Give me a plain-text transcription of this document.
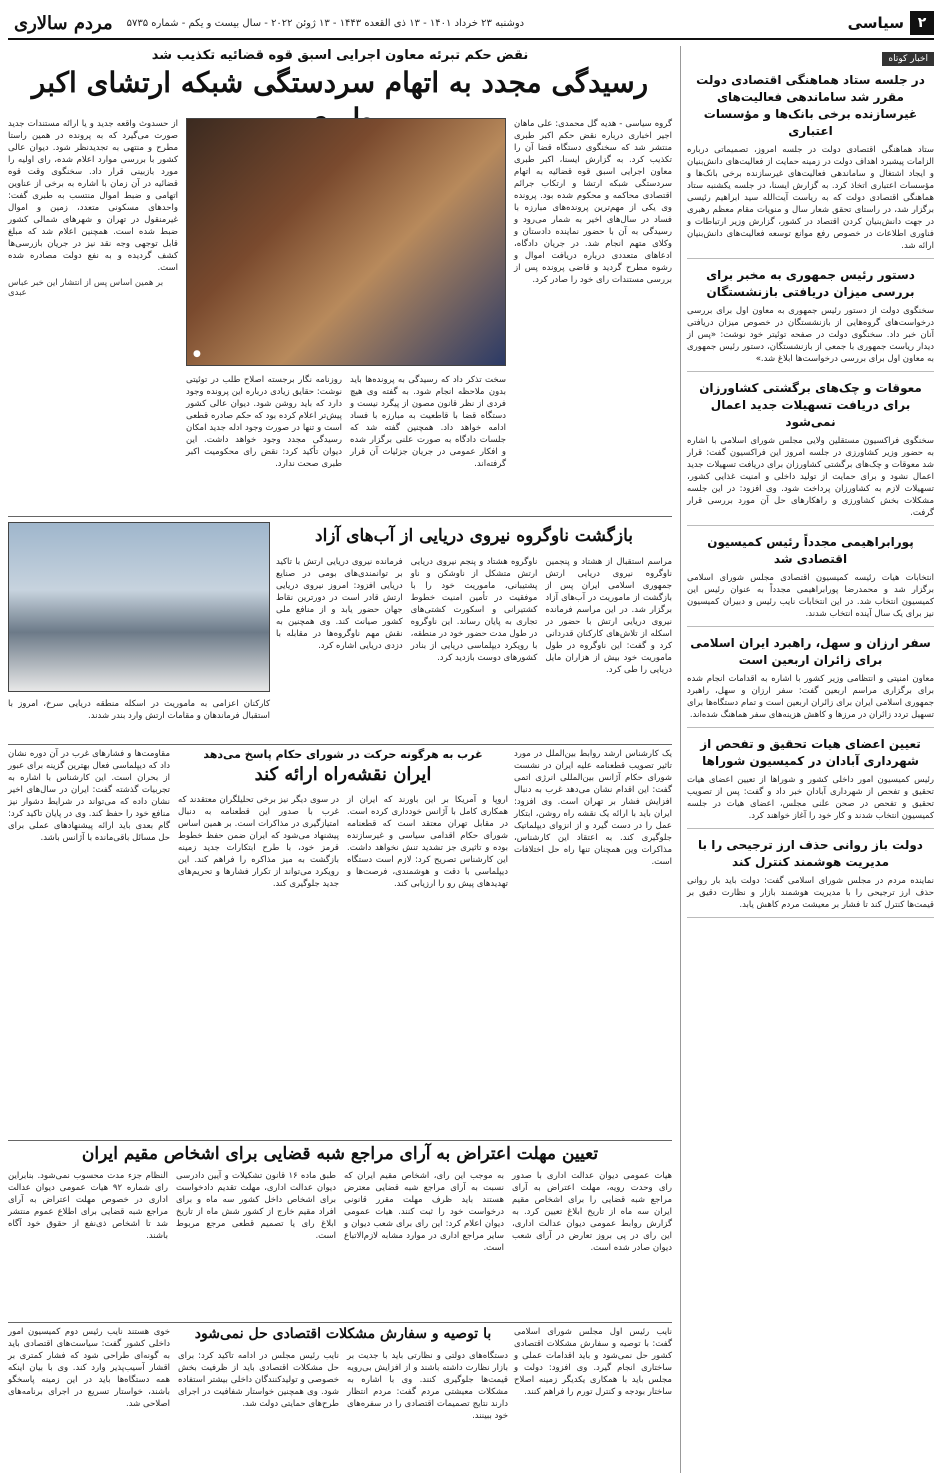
۲
سیاسی
دوشنبه ۲۳ خرداد ۱۴۰۱ - ۱۳ ذی القعده ۱۴۴۳ - ۱۳ ژوئن ۲۰۲۲ - سال بیست و یکم - شماره ۵۷۳۵
مردم سالاری
اخبار کوتاه
در جلسه ستاد هماهنگی اقتصادی دولت مقرر شد ساماندهی فعالیت‌های غیرسازنده برخی بانک‌ها و مؤسسات اعتباری
ستاد هماهنگی اقتصادی دولت در جلسه امروز، تصمیماتی درباره الزامات پیشبرد اهداف دولت در زمینه حمایت از فعالیت‌های دانش‌بنیان و ایجاد اشتغال و ساماندهی فعالیت‌های غیرسازنده برخی بانک‌ها و مؤسسات اعتباری اتخاذ کرد. به گزارش ایسنا، در جلسه یکشنبه ستاد هماهنگی اقتصادی دولت که به ریاست آیت‌الله سید ابراهیم رئیسی برگزار شد، در راستای تحقق شعار سال و منویات مقام معظم رهبری در جهت دانش‌بنیان کردن اقتصاد در کشور، گزارش وزیر ارتباطات و فناوری اطلاعات در خصوص رفع موانع توسعه فعالیت‌های دانش‌بنیان ارائه شد.
دستور رئیس جمهوری به مخبر برای بررسی میزان دریافتی بازنشستگان
سخنگوی دولت از دستور رئیس جمهوری به معاون اول برای بررسی درخواست‌های گروه‌هایی از بازنشستگان در خصوص میزان دریافتی آنان خبر داد. سخنگوی دولت در صفحه توئیتر خود نوشت: «پس از دیدار ریاست جمهوری با جمعی از بازنشستگان، دستور رئیس جمهوری به معاون اول برای بررسی درخواست‌ها ابلاغ شد.»
معوقات و چک‌های برگشتی کشاورزان برای دریافت تسهیلات جدید اعمال نمی‌شود
سخنگوی فراکسیون مستقلین ولایی مجلس شورای اسلامی با اشاره به حضور وزیر کشاورزی در جلسه امروز این فراکسیون گفت: قرار شد معوقات و چک‌های برگشتی کشاورزان برای دریافت تسهیلات جدید اعمال نشود و برای حمایت از تولید داخلی و امنیت غذایی کشور، تسهیلات لازم به کشاورزان پرداخت شود. وی افزود: در این جلسه مشکلات بخش کشاورزی و راهکارهای حل آن مورد بررسی قرار گرفت.
پورابراهیمی مجدداً رئیس کمیسیون اقتصادی شد
انتخابات هیات رئیسه کمیسیون اقتصادی مجلس شورای اسلامی برگزار شد و محمدرضا پورابراهیمی مجدداً به عنوان رئیس این کمیسیون انتخاب شد. در این انتخابات نایب رئیس و دبیران کمیسیون نیز برای یک سال آینده انتخاب شدند.
سفر ارزان و سهل، راهبرد ایران اسلامی برای زائران اربعین است
معاون امنیتی و انتظامی وزیر کشور با اشاره به اقدامات انجام شده برای برگزاری مراسم اربعین گفت: سفر ارزان و سهل، راهبرد جمهوری اسلامی ایران برای زائران اربعین است و تمام دستگاه‌ها برای تسهیل تردد زائران در مرزها و کاهش هزینه‌های سفر هماهنگ شده‌اند.
تعیین اعضای هیات تحقیق و تفحص از شهرداری آبادان در کمیسیون شوراها
رئیس کمیسیون امور داخلی کشور و شوراها از تعیین اعضای هیات تحقیق و تفحص از شهرداری آبادان خبر داد و گفت: پس از تصویب تحقیق و تفحص در صحن علنی مجلس، اعضای هیات در جلسه کمیسیون انتخاب شدند و کار خود را آغاز خواهند کرد.
دولت باز روانی حذف ارز ترجیحی را با مدیریت هوشمند کنترل کند
نماینده مردم در مجلس شورای اسلامی گفت: دولت باید بار روانی حذف ارز ترجیحی را با مدیریت هوشمند بازار و نظارت دقیق بر قیمت‌ها کنترل کند تا فشار بر معیشت مردم کاهش یابد.
نقض حکم تبرئه معاون اجرایی اسبق قوه قضائیه تکذیب شد
رسیدگی مجدد به اتهام سردستگی شبکه ارتشای اکبر
گروه سیاسی - هدیه گل محمدی: علی ماهان اجیر اخباری درباره نقض حکم اکبر طبری منتشر شد که سخنگوی دستگاه قضا آن را تکذیب کرد. به گزارش ایسنا، اکبر طبری معاون اجرایی اسبق قوه قضائیه به اتهام سردستگی شبکه ارتشا و ارتکاب جرائم اقتصادی محاکمه و محکوم شده بود. پرونده وی یکی از مهم‌ترین پرونده‌های مبارزه با فساد در سال‌های اخیر به شمار می‌رود و رسیدگی به آن با حضور نماینده دادستان و وکلای متهم انجام شد. در جریان دادگاه، ادعاهای متعددی درباره دریافت اموال و رشوه مطرح گردید و قاضی پرونده پس از بررسی مستندات رای خود را صادر کرد.
●
سخت تذکر داد که رسیدگی به پرونده‌ها باید بدون ملاحظه انجام شود. به گفته وی هیچ فردی از نظر قانون مصون از پیگرد نیست و دستگاه قضا با قاطعیت به مبارزه با فساد ادامه خواهد داد. همچنین گفته شد که جلسات دادگاه به صورت علنی برگزار شده و افکار عمومی در جریان جزئیات آن قرار گرفته‌اند.
روزنامه نگار برجسته اصلاح طلب در توئیتی نوشت: حقایق زیادی درباره این پرونده وجود دارد که باید روشن شود. دیوان عالی کشور پیش‌تر اعلام کرده بود که حکم صادره قطعی است و تنها در صورت وجود ادله جدید امکان رسیدگی مجدد وجود خواهد داشت. این دیوان تأکید کرد: نقض رای محکومیت اکبر طبری صحت ندارد.
از حسدوث واقعه جدید و یا ارائه مستندات جدید صورت می‌گیرد که به پرونده در همین راستا مطرح و منتهی به تجدیدنظر شود. دیوان عالی کشور با بررسی موارد اعلام شده، رای اولیه را مورد بازبینی قرار داد. سخنگوی وقت قوه قضائیه در آن زمان با اشاره به برخی از عناوین اتهامی و ضبط اموال منتسب به طبری گفت: واحدهای مسکونی متعدد، زمین و اموال غیرمنقول در تهران و شهرهای شمالی کشور ضبط شده است. همچنین اعلام شد که مبلغ قابل توجهی وجه نقد نیز در جریان بازرسی‌ها کشف گردیده و به نفع دولت مصادره شده است.
بر همین اساس پس از انتشار این خبر عباس عبدی
کارکنان اعزامی به ماموریت در اسکله منطقه دریایی سرخ، امروز با استقبال فرماندهان و مقامات ارتش وارد بندر شدند.
بازگشت ناوگروه نیروی دریایی از آب‌های آزاد
مراسم استقبال از هشتاد و پنجمین ناوگروه نیروی دریایی ارتش جمهوری اسلامی ایران پس از بازگشت از ماموریت در آب‌های آزاد برگزار شد. در این مراسم فرمانده نیروی دریایی ارتش با حضور در اسکله از تلاش‌های کارکنان قدردانی کرد و گفت: این ناوگروه در طول ماموریت خود بیش از هزاران مایل دریایی را طی کرد.
ناوگروه هشتاد و پنجم نیروی دریایی ارتش متشکل از ناوشکن و ناو پشتیبانی، ماموریت خود را با موفقیت در تأمین امنیت خطوط کشتیرانی و اسکورت کشتی‌های تجاری به پایان رساند. این ناوگروه در طول مدت حضور خود در منطقه، با رویکرد دیپلماسی دریایی از بنادر کشورهای دوست بازدید کرد.
فرمانده نیروی دریایی ارتش با تاکید بر توانمندی‌های بومی در صنایع دریایی افزود: امروز نیروی دریایی ارتش قادر است در دورترین نقاط جهان حضور یابد و از منافع ملی کشور صیانت کند. وی همچنین به نقش مهم ناوگروه‌ها در مقابله با دزدی دریایی اشاره کرد.
یک کارشناس ارشد روابط بین‌الملل در مورد تاثیر تصویب قطعنامه علیه ایران در نشست شورای حکام آژانس بین‌المللی انرژی اتمی گفت: این اقدام نشان می‌دهد غرب به دنبال افزایش فشار بر تهران است. وی افزود: ایران باید با ارائه یک نقشه راه روشن، ابتکار عمل را در دست گیرد و از انزوای دیپلماتیک جلوگیری کند. به اعتقاد این کارشناس، مذاکرات وین همچنان تنها راه حل اختلافات است.
غرب به هرگونه حرکت در شورای حکام پاسخ می‌دهد
ایران نقشه‌راه ارائه کند
اروپا و آمریکا بر این باورند که ایران از همکاری کامل با آژانس خودداری کرده است. در مقابل تهران معتقد است که قطعنامه شورای حکام اقدامی سیاسی و غیرسازنده بوده و تاثیری جز تشدید تنش نخواهد داشت. این کارشناس تصریح کرد: لازم است دستگاه دیپلماسی با دقت و هوشمندی، فرصت‌ها و تهدیدهای پیش رو را ارزیابی کند.
در سوی دیگر نیز برخی تحلیلگران معتقدند که غرب با صدور این قطعنامه به دنبال امتیازگیری در مذاکرات است. بر همین اساس پیشنهاد می‌شود که ایران ضمن حفظ خطوط قرمز خود، با طرح ابتکارات جدید زمینه بازگشت به میز مذاکره را فراهم کند. این رویکرد می‌تواند از تکرار فشارها و تحریم‌های جدید جلوگیری کند.
مقاومت‌ها و فشارهای غرب در آن دوره نشان داد که دیپلماسی فعال بهترین گزینه برای عبور از بحران است. این کارشناس با اشاره به تجربیات گذشته گفت: ایران در سال‌های اخیر نشان داده که می‌تواند در شرایط دشوار نیز منافع خود را حفظ کند. وی در پایان تاکید کرد: گام بعدی باید ارائه پیشنهادهای عملی برای حل مسائل باقی‌مانده با آژانس باشد.
تعیین مهلت اعتراض به آرای مراجع شبه قضایی برای اشخاص مقیم ایران
هیات عمومی دیوان عدالت اداری با صدور رای وحدت رویه، مهلت اعتراض به آرای مراجع شبه قضایی را برای اشخاص مقیم ایران سه ماه از تاریخ ابلاغ تعیین کرد. به گزارش روابط عمومی دیوان عدالت اداری، این رای در پی بروز تعارض در آرای شعب دیوان صادر شده است.
به موجب این رای، اشخاص مقیم ایران که نسبت به آرای مراجع شبه قضایی معترض هستند باید ظرف مهلت مقرر قانونی درخواست خود را ثبت کنند. هیات عمومی دیوان اعلام کرد: این رای برای شعب دیوان و سایر مراجع اداری در موارد مشابه لازم‌الاتباع است.
طبق ماده ۱۶ قانون تشکیلات و آیین دادرسی دیوان عدالت اداری، مهلت تقدیم دادخواست برای اشخاص داخل کشور سه ماه و برای افراد مقیم خارج از کشور شش ماه از تاریخ ابلاغ رای یا تصمیم قطعی مرجع مربوط است.
النظام جزء مدت محسوب نمی‌شود. بنابراین رای شماره ۹۲ هیات عمومی دیوان عدالت اداری در خصوص مهلت اعتراض به آرای مراجع شبه قضایی برای اطلاع عموم منتشر شد تا اشخاص ذی‌نفع از حقوق خود آگاه باشند.
نایب رئیس اول مجلس شورای اسلامی گفت: با توصیه و سفارش مشکلات اقتصادی کشور حل نمی‌شود و باید اقدامات عملی و ساختاری انجام گیرد. وی افزود: دولت و مجلس باید با همکاری یکدیگر زمینه اصلاح ساختار بودجه و کنترل تورم را فراهم کنند.
با توصیه و سفارش مشکلات اقتصادی حل نمی‌شود
دستگاه‌های دولتی و نظارتی باید با جدیت بر بازار نظارت داشته باشند و از افزایش بی‌رویه قیمت‌ها جلوگیری کنند. وی با اشاره به مشکلات معیشتی مردم گفت: مردم انتظار دارند نتایج تصمیمات اقتصادی را در سفره‌های خود ببینند.
نایب رئیس مجلس در ادامه تاکید کرد: برای حل مشکلات اقتصادی باید از ظرفیت بخش خصوصی و تولیدکنندگان داخلی بیشتر استفاده شود. وی همچنین خواستار شفافیت در اجرای طرح‌های حمایتی دولت شد.
خوی هستند نایب رئیس دوم کمیسیون امور داخلی کشور گفت: سیاست‌های اقتصادی باید به گونه‌ای طراحی شود که فشار کمتری بر اقشار آسیب‌پذیر وارد کند. وی با بیان اینکه همه دستگاه‌ها باید در این زمینه پاسخگو باشند، خواستار تسریع در اجرای برنامه‌های اصلاحی شد.
